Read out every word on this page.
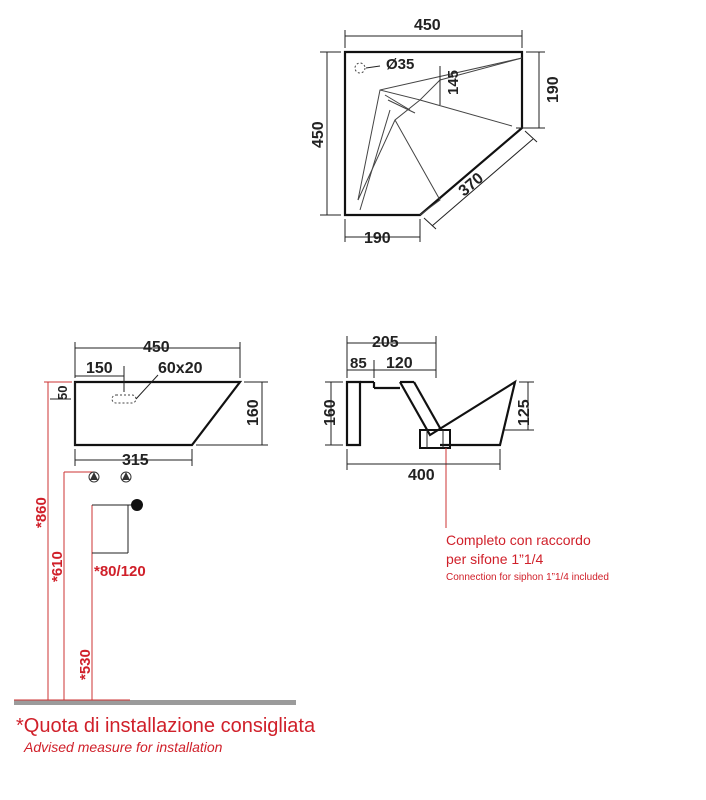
Ø35
450
450
190
190
370
145
450
150	60x20
50
160
315
205
85 120
160	125
400
*860
*610
*530
*80/120
Completo con raccordo
per sifone 1”1/4
Connection for siphon 1”1/4 included
*Quota di installazione consigliata
Advised measure for installation
